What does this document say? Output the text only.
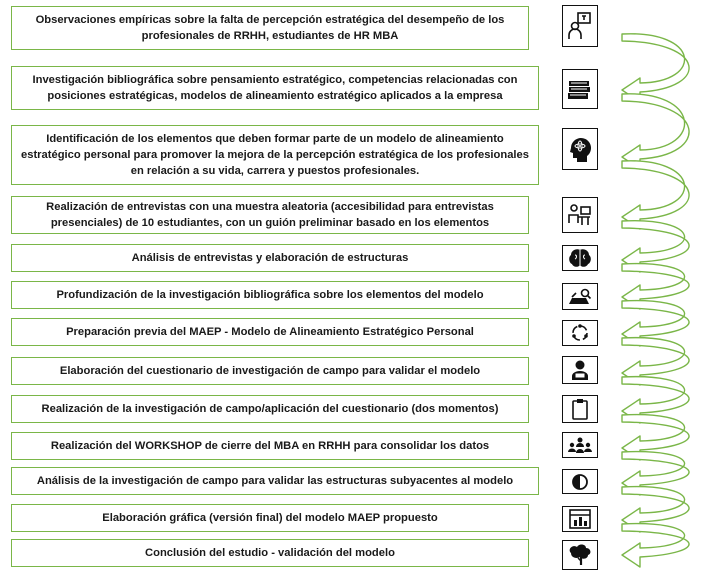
Observaciones empíricas sobre la falta de percepción estratégica del desempeño de los profesionales de RRHH, estudiantes de HR MBA
Investigación bibliográfica sobre pensamiento estratégico, competencias relacionadas con posiciones estratégicas, modelos de alineamiento estratégico aplicados a la empresa
Identificación de los elementos que deben formar parte de un modelo de alineamiento estratégico personal para promover la mejora de la percepción estratégica de los profesionales en relación a su vida, carrera y puestos profesionales.
Realización de entrevistas con una muestra aleatoria (accesibilidad para entrevistas presenciales) de 10 estudiantes, con un guión preliminar basado en los elementos
Análisis de entrevistas y elaboración de estructuras
Profundización de la investigación bibliográfica sobre los elementos del modelo
Preparación previa del MAEP - Modelo de Alineamiento Estratégico Personal
Elaboración del cuestionario de investigación de campo para validar el modelo
Realización de la investigación de campo/aplicación del cuestionario (dos momentos)
Realización del WORKSHOP de cierre del MBA en RRHH para consolidar los datos
Análisis de la investigación de campo para validar las estructuras subyacentes al modelo
Elaboración gráfica (versión final) del modelo MAEP propuesto
Conclusión del estudio - validación del modelo
